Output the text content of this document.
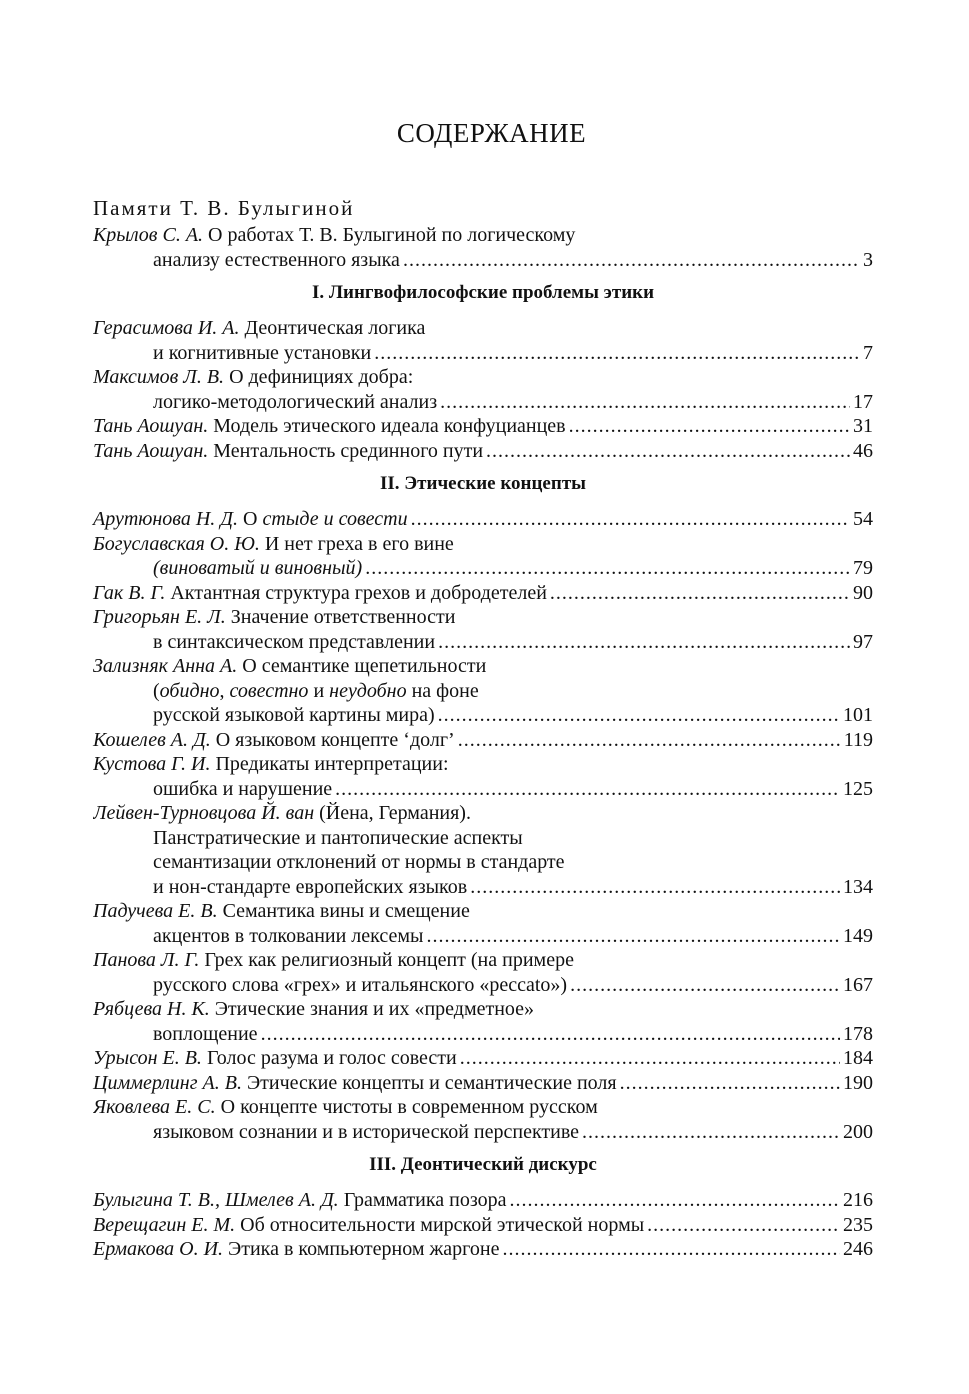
СОДЕРЖАНИЕ
Памяти Т. В. Булыгиной
Крылов С. А. О работах Т. В. Булыгиной по логическому
анализу естественного языка . . .	3
I. Лингвофилософские проблемы этики
Герасимова И. А. Деонтическая логика
и когнитивные установки . . .	7
Максимов Л. В. О дефинициях добра:
логико-методологический анализ . . .	17
Тань Аошуан. Модель этического идеала конфуцианцев . . .	31
Тань Аошуан. Ментальность срединного пути . . .	46
II. Этические концепты
Арутюнова Н. Д. О стыде и совести . . .	54
Богуславская О. Ю. И нет греха в его вине
(виноватый и виновный) . . .	79
Гак В. Г. Актантная структура грехов и добродетелей . . .	90
Григорьян Е. Л. Значение ответственности
в синтаксическом представлении . . .	97
Зализняк Анна А. О семантике щепетильности
(обидно, совестно и неудобно на фоне
русской языковой картины мира) . . .	101
Кошелев А. Д. О языковом концепте ‘долг’ . . .	119
Кустова Г. И. Предикаты интерпретации:
ошибка и нарушение . . .	125
Лейвен-Турновцова Й. ван (Йена, Германия).
Панстратические и пантопические аспекты
семантизации отклонений от нормы в стандарте
и нон-стандарте европейских языков . . .	134
Падучева Е. В. Семантика вины и смещение
акцентов в толковании лексемы . . .	149
Панова Л. Г. Грех как религиозный концепт (на примере
русского слова «грех» и итальянского «peccato») . . .	167
Рябцева Н. К. Этические знания и их «предметное»
воплощение . . .	178
Урысон Е. В. Голос разума и голос совести . . .	184
Циммерлинг А. В. Этические концепты и семантические поля . . .	190
Яковлева Е. С. О концепте чистоты в современном русском
языковом сознании и в исторической перспективе . . .	200
III. Деонтический дискурс
Булыгина Т. В., Шмелев А. Д. Грамматика позора . . .	216
Верещагин Е. М. Об относительности мирской этической нормы . . .	235
Ермакова О. И. Этика в компьютерном жаргоне . . .	246
